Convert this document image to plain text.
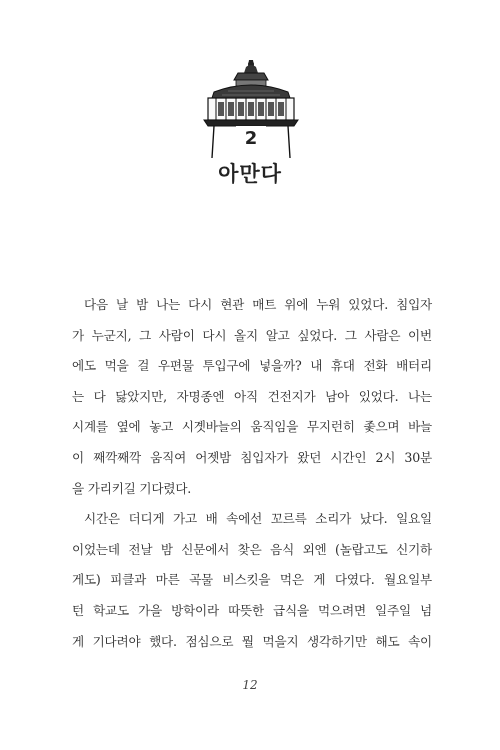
2
아만다

다음 날 밤 나는 다시 현관 매트 위에 누워 있었다. 침입자
가 누군지, 그 사람이 다시 올지 알고 싶었다. 그 사람은 이번
에도 먹을 걸 우편물 투입구에 넣을까? 내 휴대 전화 배터리
는 다 닳았지만, 자명종엔 아직 건전지가 남아 있었다. 나는
시계를 옆에 놓고 시곗바늘의 움직임을 무지런히 좇으며 바늘
이 째깍째깍 움직여 어젯밤 침입자가 왔던 시간인 2시 30분
을 가리키길 기다렸다.

시간은 더디게 가고 배 속에선 꼬르륵 소리가 났다. 일요일
이었는데 전날 밤 신문에서 찾은 음식 외엔 (놀랍고도 신기하
게도) 피클과 마른 곡물 비스킷을 먹은 게 다였다. 월요일부
턴 학교도 가을 방학이라 따뜻한 급식을 먹으려면 일주일 넘
게 기다려야 했다. 점심으로 뭘 먹을지 생각하기만 해도 속이

12
